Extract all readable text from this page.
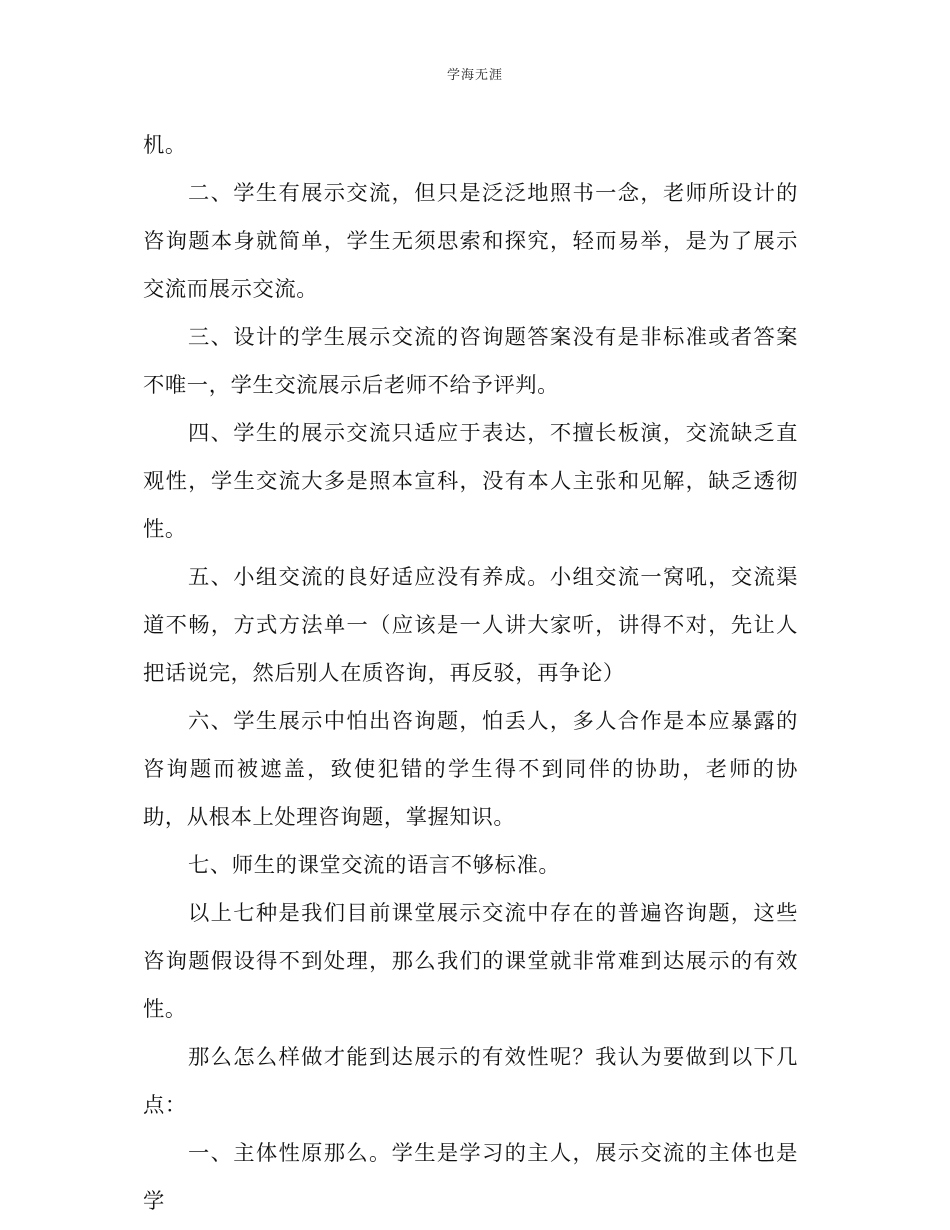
学海无涯

机。

二、学生有展示交流，但只是泛泛地照书一念，老师所设计的咨询题本身就简单，学生无须思索和探究，轻而易举，是为了展示交流而展示交流。

三、设计的学生展示交流的咨询题答案没有是非标准或者答案不唯一，学生交流展示后老师不给予评判。

四、学生的展示交流只适应于表达，不擅长板演，交流缺乏直观性，学生交流大多是照本宣科，没有本人主张和见解，缺乏透彻性。

五、小组交流的良好适应没有养成。小组交流一窝吼，交流渠道不畅，方式方法单一（应该是一人讲大家听，讲得不对，先让人把话说完，然后别人在质咨询，再反驳，再争论）

六、学生展示中怕出咨询题，怕丢人，多人合作是本应暴露的咨询题而被遮盖，致使犯错的学生得不到同伴的协助，老师的协助，从根本上处理咨询题，掌握知识。

七、师生的课堂交流的语言不够标准。

以上七种是我们目前课堂展示交流中存在的普遍咨询题，这些咨询题假设得不到处理，那么我们的课堂就非常难到达展示的有效性。

那么怎么样做才能到达展示的有效性呢？我认为要做到以下几点：

一、主体性原那么。学生是学习的主人，展示交流的主体也是学
